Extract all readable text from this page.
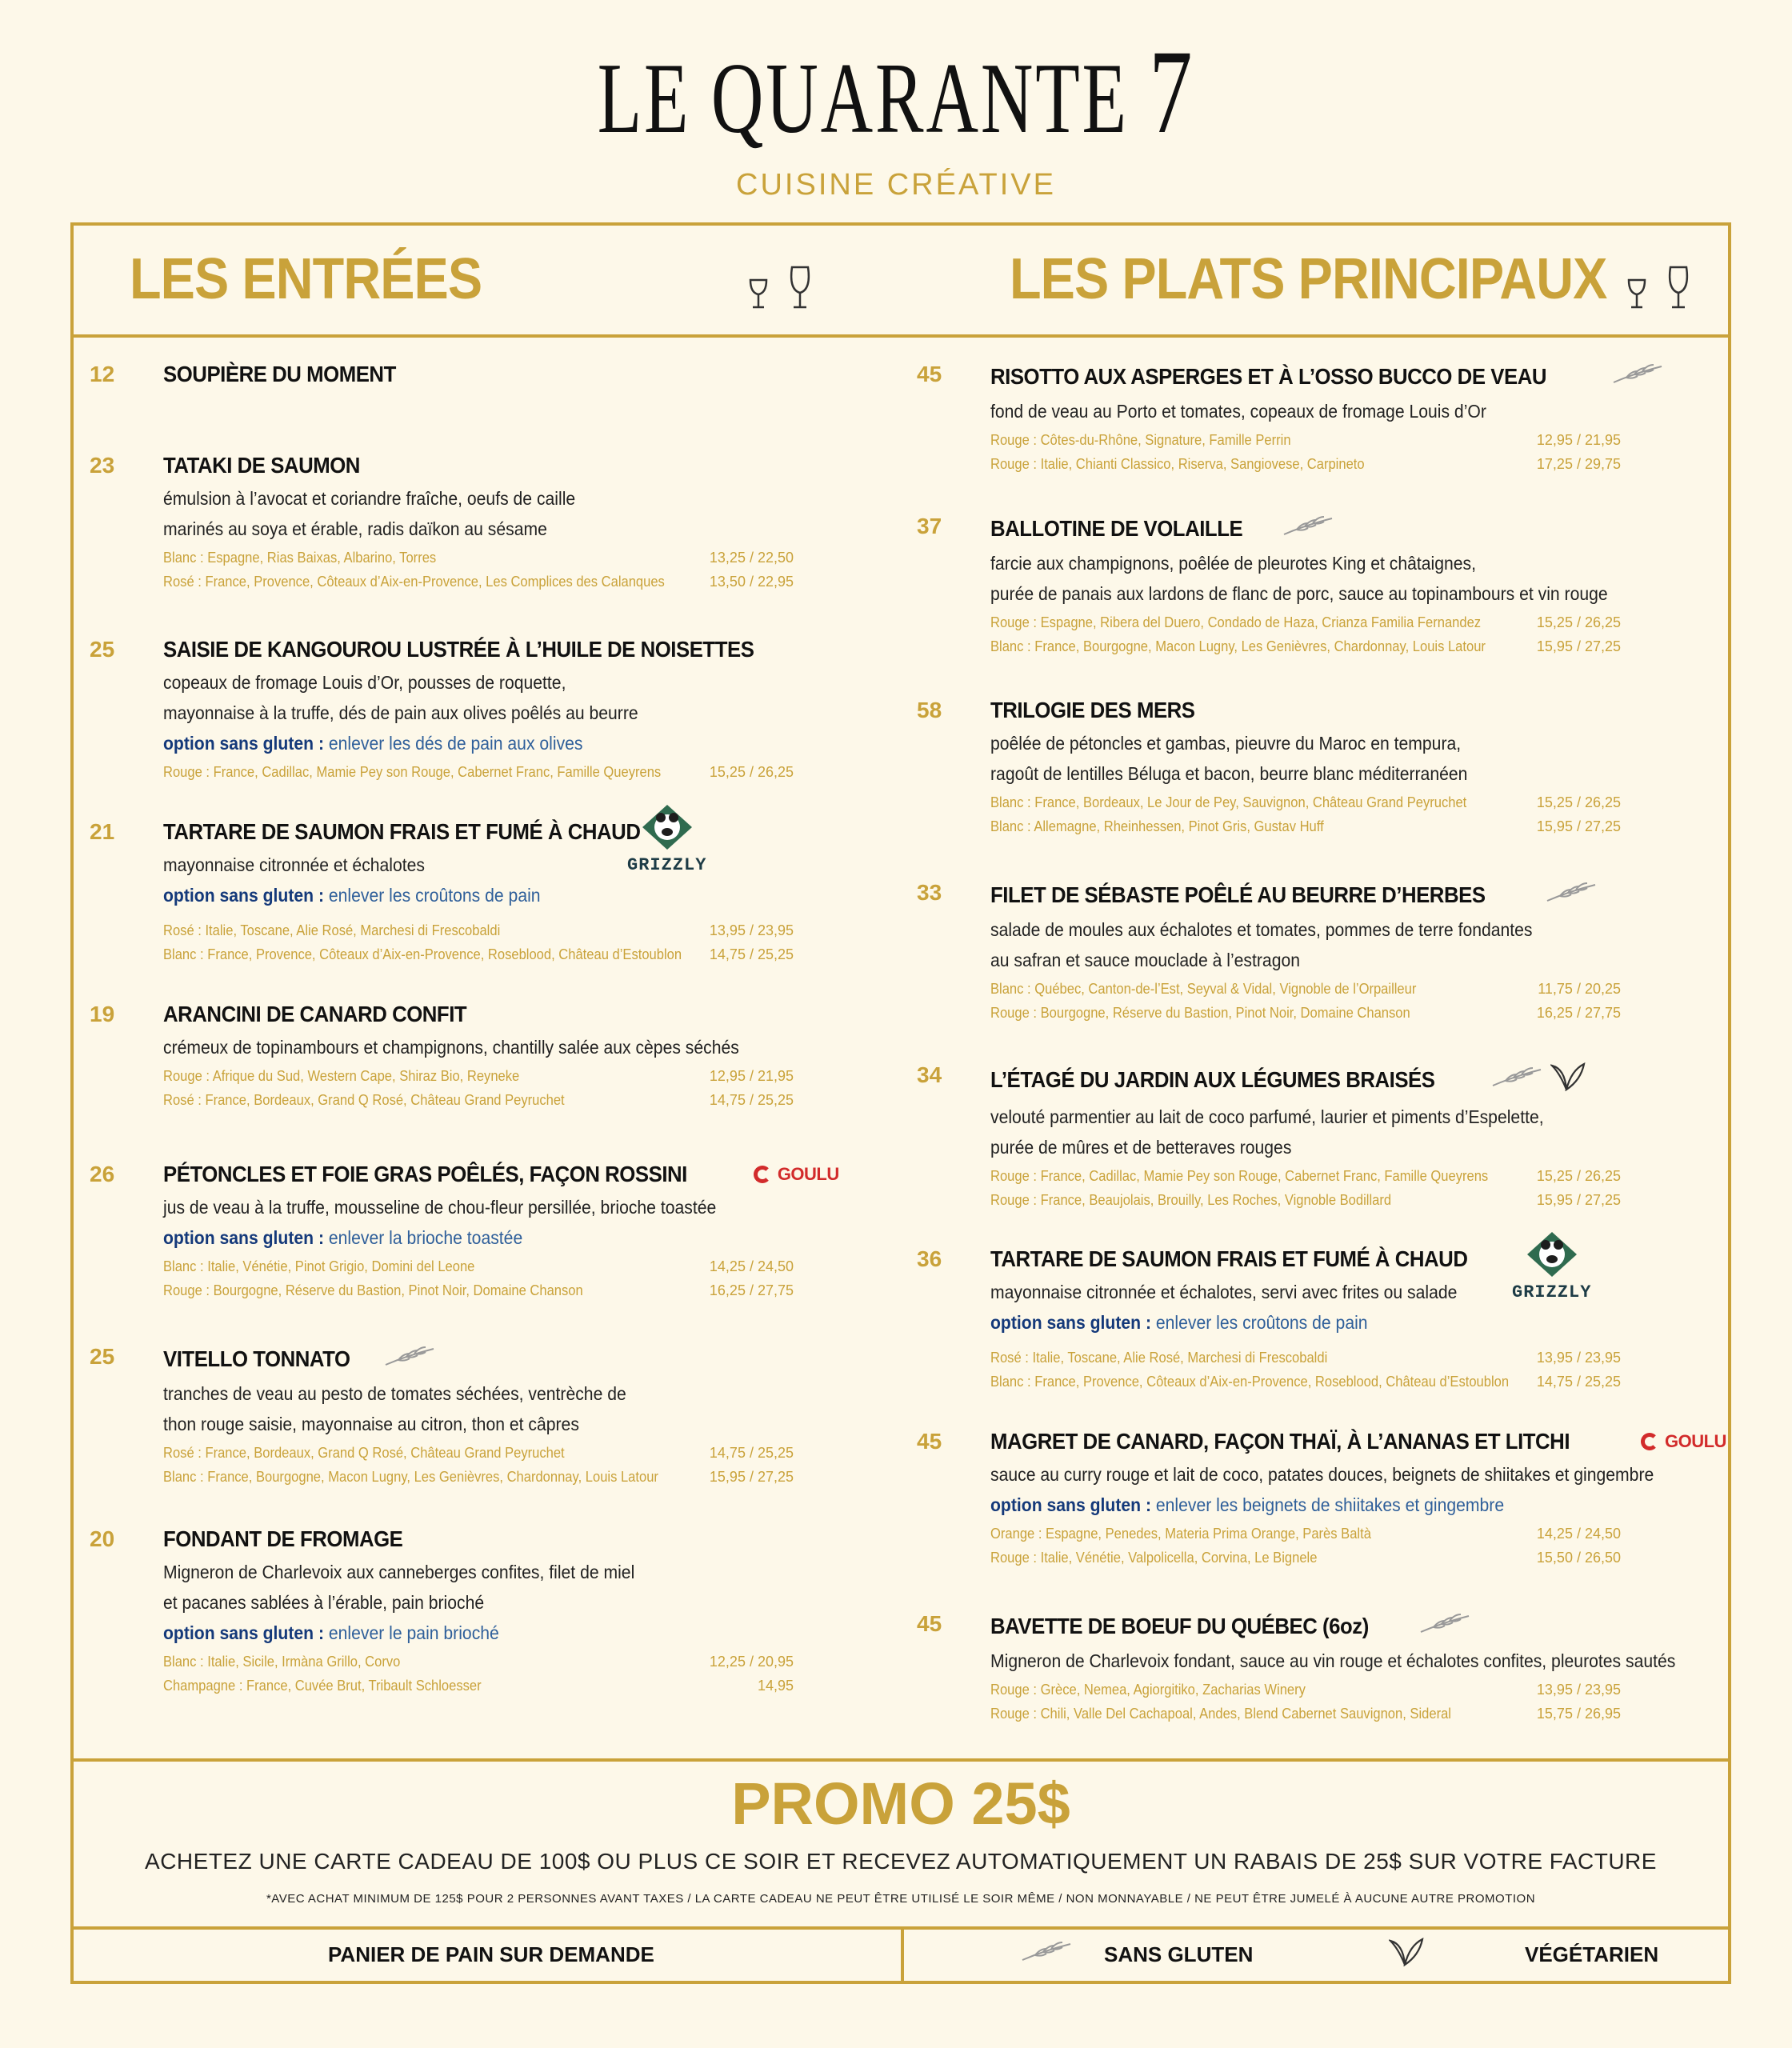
LE QUARANTE 7
CUISINE CRÉATIVE
LES ENTRÉES	LES PLATS PRINCIPAUX
12	SOUPIÈRE DU MOMENT
23	TATAKI DE SAUMON
émulsion à l’avocat et coriandre fraîche, oeufs de caille
marinés au soya et érable, radis daïkon au sésame
Blanc : Espagne, Rias Baixas, Albarino, Torres	13,25 / 22,50
Rosé : France, Provence, Côteaux d’Aix-en-Provence, Les Complices des Calanques	13,50 / 22,95
25	SAISIE DE KANGOUROU LUSTRÉE À L’HUILE DE NOISETTES
copeaux de fromage Louis d’Or, pousses de roquette,
mayonnaise à la truffe, dés de pain aux olives poêlés au beurre
option sans gluten : enlever les dés de pain aux olives
Rouge : France, Cadillac, Mamie Pey son Rouge, Cabernet Franc, Famille Queyrens	15,25 / 26,25
21	TARTARE DE SAUMON FRAIS ET FUMÉ À CHAUD
mayonnaise citronnée et échalotes
option sans gluten : enlever les croûtons de pain
Rosé : Italie, Toscane, Alie Rosé, Marchesi di Frescobaldi	13,95 / 23,95
Blanc : France, Provence, Côteaux d’Aix-en-Provence, Roseblood, Château d’Estoublon 14,75 / 25,25
GRIZZLY
19	ARANCINI DE CANARD CONFIT
crémeux de topinambours et champignons, chantilly salée aux cèpes séchés
Rouge : Afrique du Sud, Western Cape, Shiraz Bio, Reyneke	12,95 / 21,95
Rosé : France, Bordeaux, Grand Q Rosé, Château Grand Peyruchet	14,75 / 25,25
26	PÉTONCLES ET FOIE GRAS POÊLÉS, FAÇON ROSSINI	GOULU
jus de veau à la truffe, mousseline de chou-fleur persillée, brioche toastée
option sans gluten : enlever la brioche toastée
Blanc : Italie, Vénétie, Pinot Grigio, Domini del Leone	14,25 / 24,50
Rouge : Bourgogne, Réserve du Bastion, Pinot Noir, Domaine Chanson	16,25 / 27,75
25	VITELLO TONNATO
tranches de veau au pesto de tomates séchées, ventrèche de
thon rouge saisie, mayonnaise au citron, thon et câpres
Rosé : France, Bordeaux, Grand Q Rosé, Château Grand Peyruchet	14,75 / 25,25
Blanc : France, Bourgogne, Macon Lugny, Les Genièvres, Chardonnay, Louis Latour	15,95 / 27,25
20	FONDANT DE FROMAGE
Migneron de Charlevoix aux canneberges confites, filet de miel
et pacanes sablées à l’érable, pain brioché
option sans gluten : enlever le pain brioché
Blanc : Italie, Sicile, Irmàna Grillo, Corvo	12,25 / 20,95
Champagne : France, Cuvée Brut, Tribault Schloesser	14,95
45	RISOTTO AUX ASPERGES ET À L’OSSO BUCCO DE VEAU
fond de veau au Porto et tomates, copeaux de fromage Louis d’Or
Rouge : Côtes-du-Rhône, Signature, Famille Perrin	12,95 / 21,95
Rouge : Italie, Chianti Classico, Riserva, Sangiovese, Carpineto	17,25 / 29,75
37	BALLOTINE DE VOLAILLE
farcie aux champignons, poêlée de pleurotes King et châtaignes,
purée de panais aux lardons de flanc de porc, sauce au topinambours et vin rouge
Rouge : Espagne, Ribera del Duero, Condado de Haza, Crianza Familia Fernandez	15,25 / 26,25
Blanc : France, Bourgogne, Macon Lugny, Les Genièvres, Chardonnay, Louis Latour	15,95 / 27,25
58	TRILOGIE DES MERS
poêlée de pétoncles et gambas, pieuvre du Maroc en tempura,
ragoût de lentilles Béluga et bacon, beurre blanc méditerranéen
Blanc : France, Bordeaux, Le Jour de Pey, Sauvignon, Château Grand Peyruchet	15,25 / 26,25
Blanc : Allemagne, Rheinhessen, Pinot Gris, Gustav Huff	15,95 / 27,25
33	FILET DE SÉBASTE POÊLÉ AU BEURRE D’HERBES
salade de moules aux échalotes et tomates, pommes de terre fondantes
au safran et sauce mouclade à l’estragon
Blanc : Québec, Canton-de-l’Est, Seyval & Vidal, Vignoble de l’Orpailleur	11,75 / 20,25
Rouge : Bourgogne, Réserve du Bastion, Pinot Noir, Domaine Chanson	16,25 / 27,75
34	L’ÉTAGÉ DU JARDIN AUX LÉGUMES BRAISÉS
velouté parmentier au lait de coco parfumé, laurier et piments d’Espelette,
purée de mûres et de betteraves rouges
Rouge : France, Cadillac, Mamie Pey son Rouge, Cabernet Franc, Famille Queyrens	15,25 / 26,25
Rouge : France, Beaujolais, Brouilly, Les Roches, Vignoble Bodillard	15,95 / 27,25
36	TARTARE DE SAUMON FRAIS ET FUMÉ À CHAUD
mayonnaise citronnée et échalotes, servi avec frites ou salade
option sans gluten : enlever les croûtons de pain
Rosé : Italie, Toscane, Alie Rosé, Marchesi di Frescobaldi	13,95 / 23,95
Blanc : France, Provence, Côteaux d’Aix-en-Provence, Roseblood, Château d’Estoublon 14,75 / 25,25
GRIZZLY
45	MAGRET DE CANARD, FAÇON THAÏ, À L’ANANAS ET LITCHI	GOULU
sauce au curry rouge et lait de coco, patates douces, beignets de shiitakes et gingembre
option sans gluten : enlever les beignets de shiitakes et gingembre
Orange : Espagne, Penedes, Materia Prima Orange, Parès Baltà	14,25 / 24,50
Rouge : Italie, Vénétie, Valpolicella, Corvina, Le Bignele	15,50 / 26,50
45	BAVETTE DE BOEUF DU QUÉBEC (6oz)
Migneron de Charlevoix fondant, sauce au vin rouge et échalotes confites, pleurotes sautés
Rouge : Grèce, Nemea, Agiorgitiko, Zacharias Winery	13,95 / 23,95
Rouge : Chili, Valle Del Cachapoal, Andes, Blend Cabernet Sauvignon, Sideral	15,75 / 26,95
PROMO 25$
ACHETEZ UNE CARTE CADEAU DE 100$ OU PLUS CE SOIR ET RECEVEZ AUTOMATIQUEMENT UN RABAIS DE 25$ SUR VOTRE FACTURE
*AVEC ACHAT MINIMUM DE 125$ POUR 2 PERSONNES AVANT TAXES / LA CARTE CADEAU NE PEUT ÊTRE UTILISÉ LE SOIR MÊME / NON MONNAYABLE / NE PEUT ÊTRE JUMELÉ À AUCUNE AUTRE PROMOTION
PANIER DE PAIN SUR DEMANDE	SANS GLUTEN	VÉGÉTARIEN
